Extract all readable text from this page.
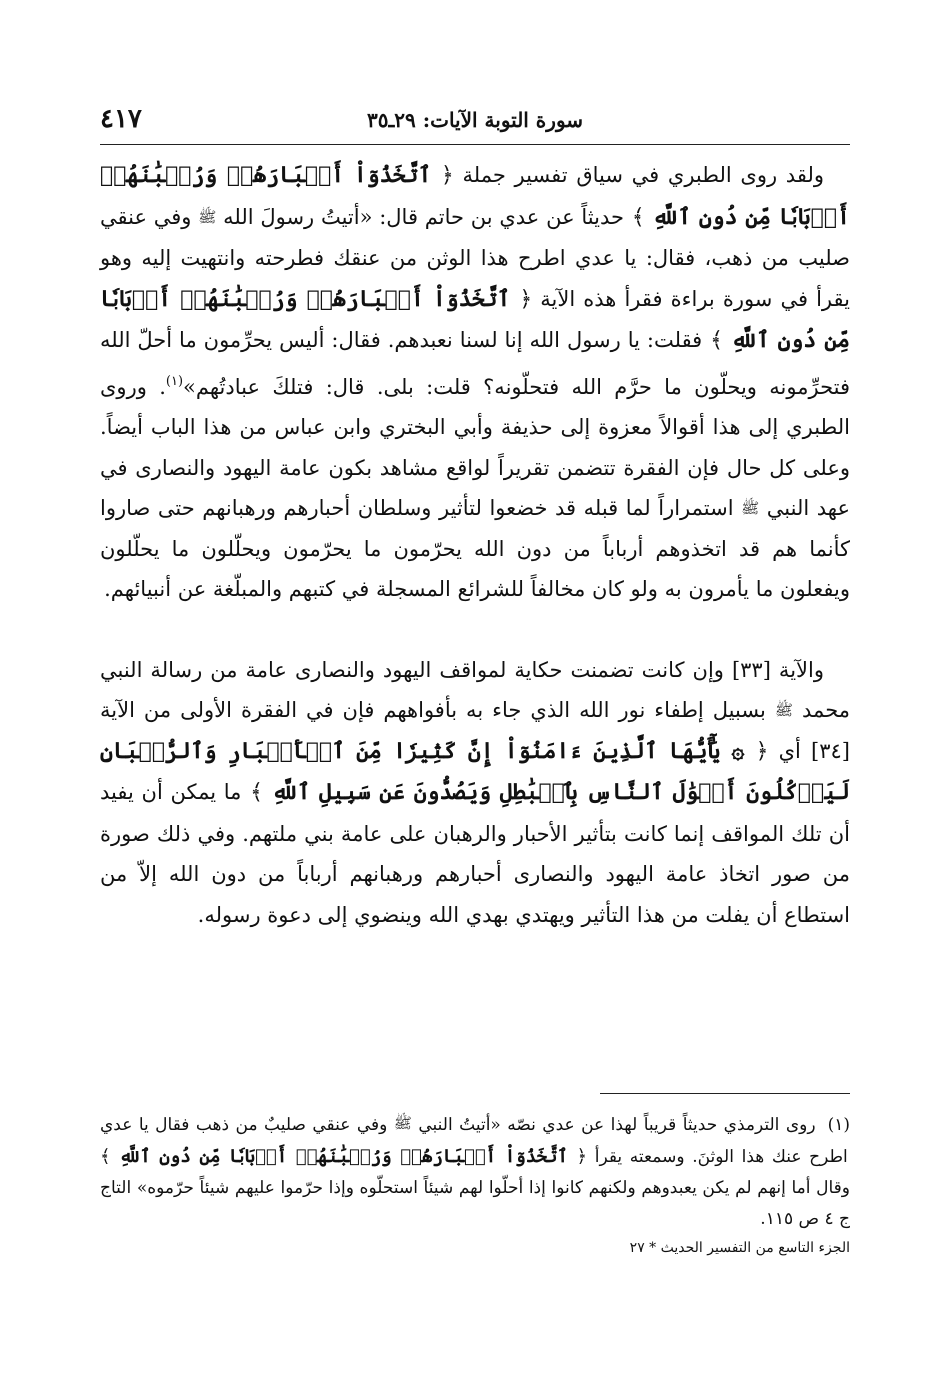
سورة التوبة الآيات: ٢٩ـ٣٥
٤١٧

ولقد روى الطبري في سياق تفسير جملة ﴿ ٱتَّخَذُوٓاْ أَحۡبَارَهُمۡ وَرُهۡبَٰنَهُمۡ أَرۡبَابٗا مِّن دُونِ ٱللَّهِ ﴾ حديثاً عن عدي بن حاتم قال: «أتيتُ رسولَ الله ﷺ وفي عنقي صليب من ذهب، فقال: يا عدي اطرح هذا الوثن من عنقك فطرحته وانتهيت إليه وهو يقرأ في سورة براءة فقرأ هذه الآية ﴿ ٱتَّخَذُوٓاْ أَحۡبَارَهُمۡ وَرُهۡبَٰنَهُمۡ أَرۡبَابٗا مِّن دُونِ ٱللَّهِ ﴾ فقلت: يا رسول الله إنا لسنا نعبدهم. فقال: أليس يحرِّمون ما أحلّ الله فتحرِّمونه ويحلّون ما حرَّم الله فتحلّونه؟ قلت: بلى. قال: فتلكَ عبادتُهم»$^{(١)}$. وروى الطبري إلى هذا أقوالاً معزوة إلى حذيفة وأبي البختري وابن عباس من هذا الباب أيضاً. وعلى كل حال فإن الفقرة تتضمن تقريراً لواقع مشاهد بكون عامة اليهود والنصارى في عهد النبي ﷺ استمراراً لما قبله قد خضعوا لتأثير وسلطان أحبارهم ورهبانهم حتى صاروا كأنما هم قد اتخذوهم أرباباً من دون الله يحرّمون ما يحرّمون ويحلّلون ما يحلّلون ويفعلون ما يأمرون به ولو كان مخالفاً للشرائع المسجلة في كتبهم والمبلّغة عن أنبيائهم.

والآية [٣٣] وإن كانت تضمنت حكاية لمواقف اليهود والنصارى عامة من رسالة النبي محمد ﷺ بسبيل إطفاء نور الله الذي جاء به بأفواههم فإن في الفقرة الأولى من الآية [٣٤] أي ﴿ ۞ يَٰٓأَيُّهَا ٱلَّذِينَ ءَامَنُوٓاْ إِنَّ كَثِيرٗا مِّنَ ٱلۡأَحۡبَارِ وَٱلرُّهۡبَانِ لَيَأۡكُلُونَ أَمۡوَٰلَ ٱلنَّاسِ بِٱلۡبَٰطِلِ وَيَصُدُّونَ عَن سَبِيلِ ٱللَّهِ ﴾ ما يمكن أن يفيد أن تلك المواقف إنما كانت بتأثير الأحبار والرهبان على عامة بني ملتهم. وفي ذلك صورة من صور اتخاذ عامة اليهود والنصارى أحبارهم ورهبانهم أرباباً من دون الله إلاّ من استطاع أن يفلت من هذا التأثير ويهتدي بهدي الله وينضوي إلى دعوة رسوله.

(١) روى الترمذي حديثاً قريباً لهذا عن عدي نصّه «أتيتُ النبي ﷺ وفي عنقي صليبٌ من ذهب فقال يا عدي اطرح عنك هذا الوثنَ. وسمعته يقرأ ﴿ ٱتَّخَذُوٓاْ أَحۡبَارَهُمۡ وَرُهۡبَٰنَهُمۡ أَرۡبَابٗا مِّن دُونِ ٱللَّهِ ﴾ وقال أما إنهم لم يكن يعبدوهم ولكنهم كانوا إذا أحلّوا لهم شيئاً استحلّوه وإذا حرّموا عليهم شيئاً حرّموه» التاج ج ٤ ص ١١٥.
الجزء التاسع من التفسير الحديث * ٢٧
